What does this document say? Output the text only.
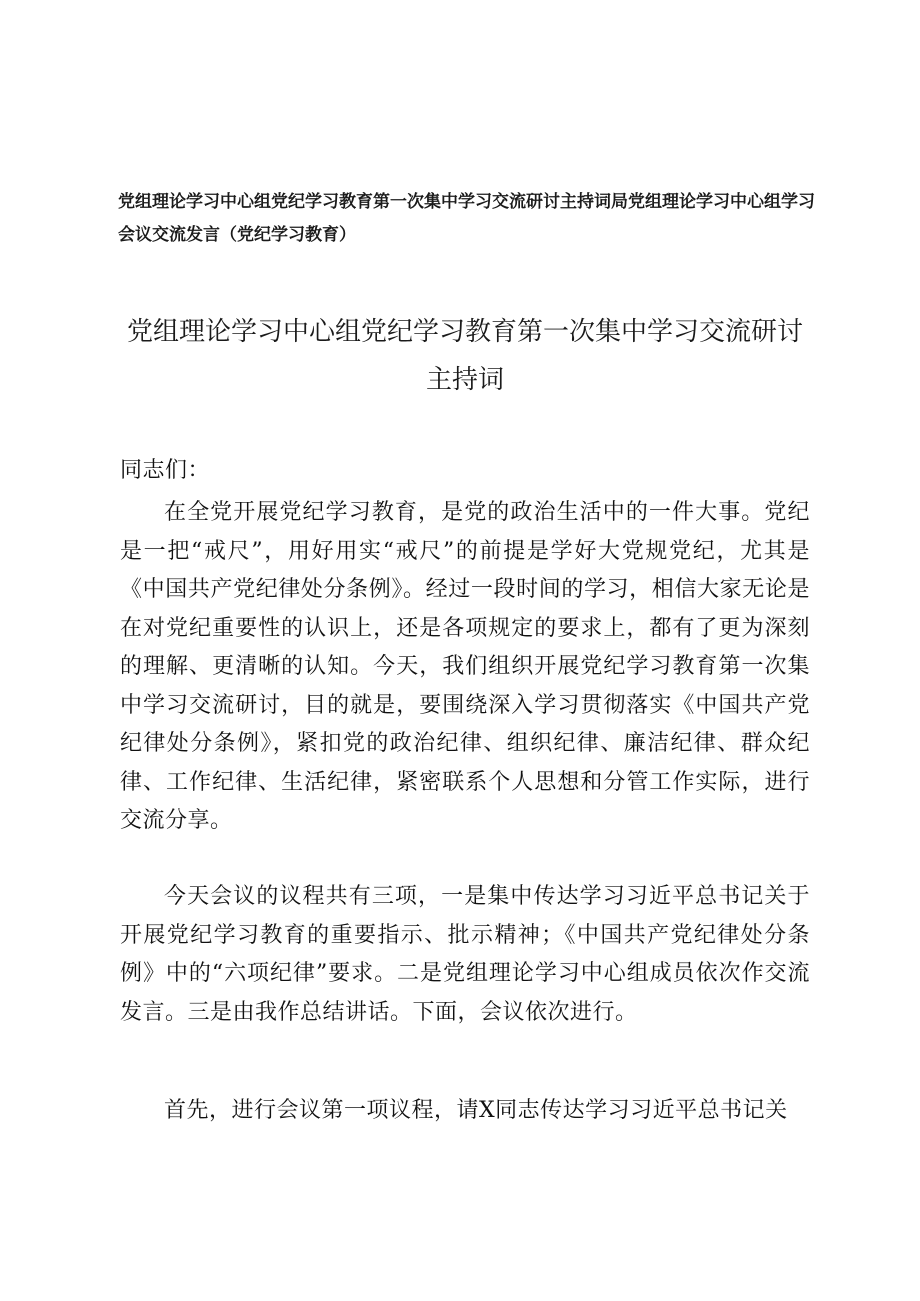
党组理论学习中心组党纪学习教育第一次集中学习交流研讨主持词局党组理论学习中心组学习会议交流发言（党纪学习教育）

党组理论学习中心组党纪学习教育第一次集中学习交流研讨主持词

同志们：

在全党开展党纪学习教育，是党的政治生活中的一件大事。党纪是一把“戒尺”，用好用实“戒尺”的前提是学好大党规党纪，尤其是《中国共产党纪律处分条例》。经过一段时间的学习，相信大家无论是在对党纪重要性的认识上，还是各项规定的要求上，都有了更为深刻的理解、更清晰的认知。今天，我们组织开展党纪学习教育第一次集中学习交流研讨，目的就是，要围绕深入学习贯彻落实《中国共产党纪律处分条例》，紧扣党的政治纪律、组织纪律、廉洁纪律、群众纪律、工作纪律、生活纪律，紧密联系个人思想和分管工作实际，进行交流分享。

今天会议的议程共有三项，一是集中传达学习习近平总书记关于开展党纪学习教育的重要指示、批示精神；《中国共产党纪律处分条例》中的“六项纪律”要求。二是党组理论学习中心组成员依次作交流发言。三是由我作总结讲话。下面，会议依次进行。

首先，进行会议第一项议程，请X同志传达学习习近平总书记关
